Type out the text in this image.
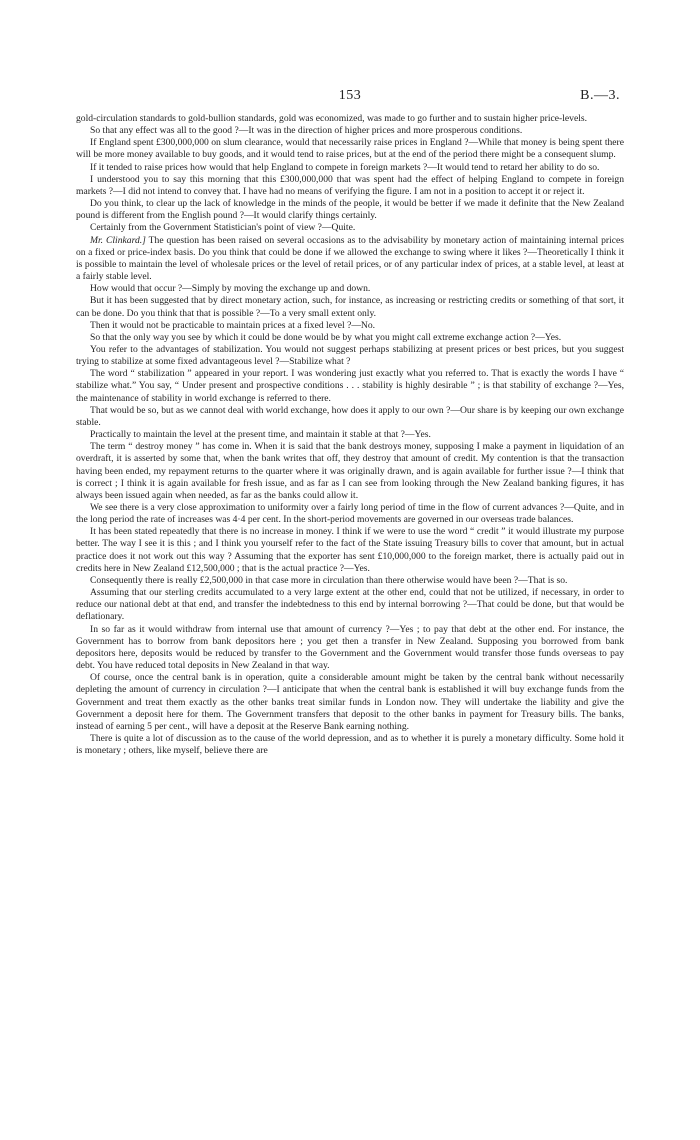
153	B.—3.

gold-circulation standards to gold-bullion standards, gold was economized, was made to go further and to sustain higher price-levels.

So that any effect was all to the good ?—It was in the direction of higher prices and more prosperous conditions.

If England spent £300,000,000 on slum clearance, would that necessarily raise prices in England ?—While that money is being spent there will be more money available to buy goods, and it would tend to raise prices, but at the end of the period there might be a consequent slump.

If it tended to raise prices how would that help England to compete in foreign markets ?—It would tend to retard her ability to do so.

I understood you to say this morning that this £300,000,000 that was spent had the effect of helping England to compete in foreign markets ?—I did not intend to convey that. I have had no means of verifying the figure. I am not in a position to accept it or reject it.

Do you think, to clear up the lack of knowledge in the minds of the people, it would be better if we made it definite that the New Zealand pound is different from the English pound ?—It would clarify things certainly.

Certainly from the Government Statistician's point of view ?—Quite.

Mr. Clinkard.] The question has been raised on several occasions as to the advisability by monetary action of maintaining internal prices on a fixed or price-index basis. Do you think that could be done if we allowed the exchange to swing where it likes ?—Theoretically I think it is possible to maintain the level of wholesale prices or the level of retail prices, or of any particular index of prices, at a stable level, at least at a fairly stable level.

How would that occur ?—Simply by moving the exchange up and down.

But it has been suggested that by direct monetary action, such, for instance, as increasing or restricting credits or something of that sort, it can be done. Do you think that that is possible ?—To a very small extent only.

Then it would not be practicable to maintain prices at a fixed level ?—No.

So that the only way you see by which it could be done would be by what you might call extreme exchange action ?—Yes.

You refer to the advantages of stabilization. You would not suggest perhaps stabilizing at present prices or best prices, but you suggest trying to stabilize at some fixed advantageous level ?—Stabilize what ?

The word “ stabilization ” appeared in your report. I was wondering just exactly what you referred to. That is exactly the words I have “ stabilize what.” You say, “ Under present and prospective conditions . . . stability is highly desirable ” ; is that stability of exchange ?—Yes, the maintenance of stability in world exchange is referred to there.

That would be so, but as we cannot deal with world exchange, how does it apply to our own ?—Our share is by keeping our own exchange stable.

Practically to maintain the level at the present time, and maintain it stable at that ?—Yes.

The term “ destroy money ” has come in. When it is said that the bank destroys money, supposing I make a payment in liquidation of an overdraft, it is asserted by some that, when the bank writes that off, they destroy that amount of credit. My contention is that the transaction having been ended, my repayment returns to the quarter where it was originally drawn, and is again available for further issue ?—I think that is correct ; I think it is again available for fresh issue, and as far as I can see from looking through the New Zealand banking figures, it has always been issued again when needed, as far as the banks could allow it.

We see there is a very close approximation to uniformity over a fairly long period of time in the flow of current advances ?—Quite, and in the long period the rate of increases was 4·4 per cent. In the short-period movements are governed in our overseas trade balances.

It has been stated repeatedly that there is no increase in money. I think if we were to use the word “ credit ” it would illustrate my purpose better. The way I see it is this ; and I think you yourself refer to the fact of the State issuing Treasury bills to cover that amount, but in actual practice does it not work out this way ? Assuming that the exporter has sent £10,000,000 to the foreign market, there is actually paid out in credits here in New Zealand £12,500,000 ; that is the actual practice ?—Yes.

Consequently there is really £2,500,000 in that case more in circulation than there otherwise would have been ?—That is so.

Assuming that our sterling credits accumulated to a very large extent at the other end, could that not be utilized, if necessary, in order to reduce our national debt at that end, and transfer the indebtedness to this end by internal borrowing ?—That could be done, but that would be deflationary.

In so far as it would withdraw from internal use that amount of currency ?—Yes ; to pay that debt at the other end. For instance, the Government has to borrow from bank depositors here ; you get then a transfer in New Zealand. Supposing you borrowed from bank depositors here, deposits would be reduced by transfer to the Government and the Government would transfer those funds overseas to pay debt. You have reduced total deposits in New Zealand in that way.

Of course, once the central bank is in operation, quite a considerable amount might be taken by the central bank without necessarily depleting the amount of currency in circulation ?—I anticipate that when the central bank is established it will buy exchange funds from the Government and treat them exactly as the other banks treat similar funds in London now. They will undertake the liability and give the Government a deposit here for them. The Government transfers that deposit to the other banks in payment for Treasury bills. The banks, instead of earning 5 per cent., will have a deposit at the Reserve Bank earning nothing.

There is quite a lot of discussion as to the cause of the world depression, and as to whether it is purely a monetary difficulty. Some hold it is monetary ; others, like myself, believe there are
